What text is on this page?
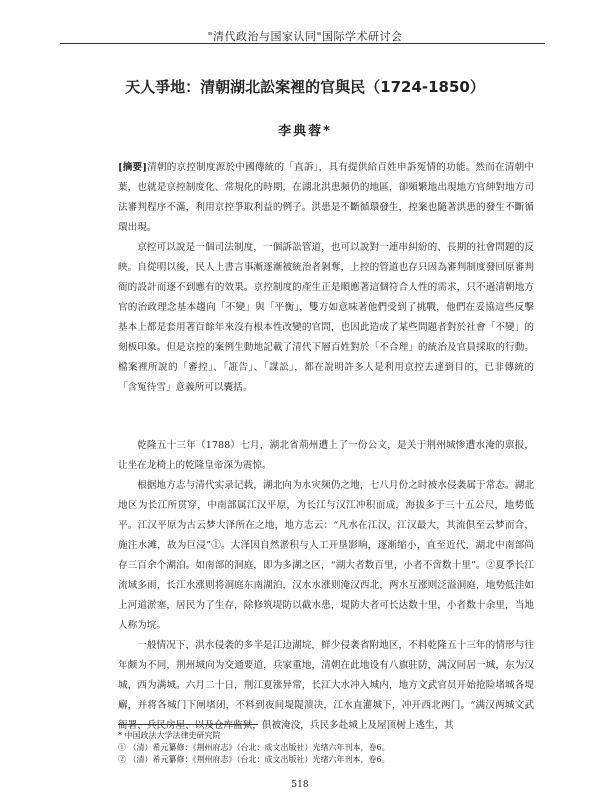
"清代政治与国家认同"国际学术研讨会
天人爭地：清朝湖北訟案裡的官與民（1724-1850）
李典蓉*

[摘要]清朝的京控制度源於中國傳統的「直訴」，具有提供給百姓申訴冤情的功能。然而在清朝中葉，也就是京控制度化、常規化的時期，在湖北洪患頻仍的地區，卻頻繁地出現地方官紳對地方司法審判程序不滿，利用京控爭取利益的例子。洪患是不斷循環發生，控案也隨著洪患的發生不斷循環出現。

京控可以說是一個司法制度，一個訴訟管道，也可以說對一連串糾紛的、長期的社會問題的反映。自從明以後，民人上書言事漸逐漸被統治者剝奪，上控的管道也存只因為審判制度發回原審判衙的設計而逐不到應有的效果。京控制度的產生正是順應著這個符合人性的需求，只不過清朝地方官的治政理念基本趨向「不變」與「平衡」，雙方如意味著他們受到了挑戰，他們在妥協這些反擊基本上都是套用著百餘年來沒有根本性改變的官問，也因此造成了某些問題者對於社會「不變」的刻板印象。但是京控的案例生動地記載了清代下層百姓對於「不合理」的統治及官員採取的行動。檔案裡所說的「審控」、「誑告」、「謀訟」，都在說明許多人是利用京控去達到目的，已非傳統的「含冤待雪」意義所可以囊括。

乾隆五十三年（1788）七月，湖北省荊州遭上了一份公文，是关于荆州城惨遭水淹的禀报，让坐在龙椅上的乾隆皇帝深为震惊。

根据地方志与清代实录记载，湖北向为水灾频仍之地，七八月份之时被水侵袭属于常态。湖北地区为长江所贯穿，中南部属江汉平原，为长江与汉江冲积而成，海拔多于三十五公尺，地势低平。江汉平原为古云梦大泽所在之地，地方志云：“凡水在江汉，江汉最大，其流俱至云梦而合，施注水滩，故为巨浸”①。大泽因自然淤积与人工开垦影响，逐渐缩小，直至近代，湖北中南部尚存三百余个湖泊。如南部的洞庭，即为多湖之区，“湖大者数百里，小者不啻数十里”。②夏季长江流域多雨，长江水涨则将洞庭东南湖泊，汉水水涨则淹汉西北，两水互涨则泛溢洞庭，地势低洼如上河道淤塞，居民为了生存，除修筑堤防以截水患，堤防大者可长达数十里，小者数十余里，当地人称为垸。

一般情况下，洪水侵袭的多半是江边湖垸，鲜少侵袭省附地区，不料乾隆五十三年的情形与往年颇为不同，荆州城向为交通要道，兵家重地，清朝在此地设有八旗驻防，满汉同居一城，东为汉城，西为满城。六月二十日，荆江夏涨异常，长江大水冲入城内，地方文武官员开始抢险堵城各堤廨，并将各城门下闸堵闭，不料到夜间堤隄溃决，江水直灌城下，冲开西北两门。“满汉两城文武衙署、兵民房屋、以及仓库监狱，俱被淹没，兵民多赴城上及屋顶树上逃生，其

* 中国政法大学法律史研究院
① （清）希元纂修：《荆州府志》（台北：成文出版社）光绪六年刊本，卷6。
② （清）希元纂修：《荆州府志》（台北：成文出版社）光绪六年刊本，卷6。
518
